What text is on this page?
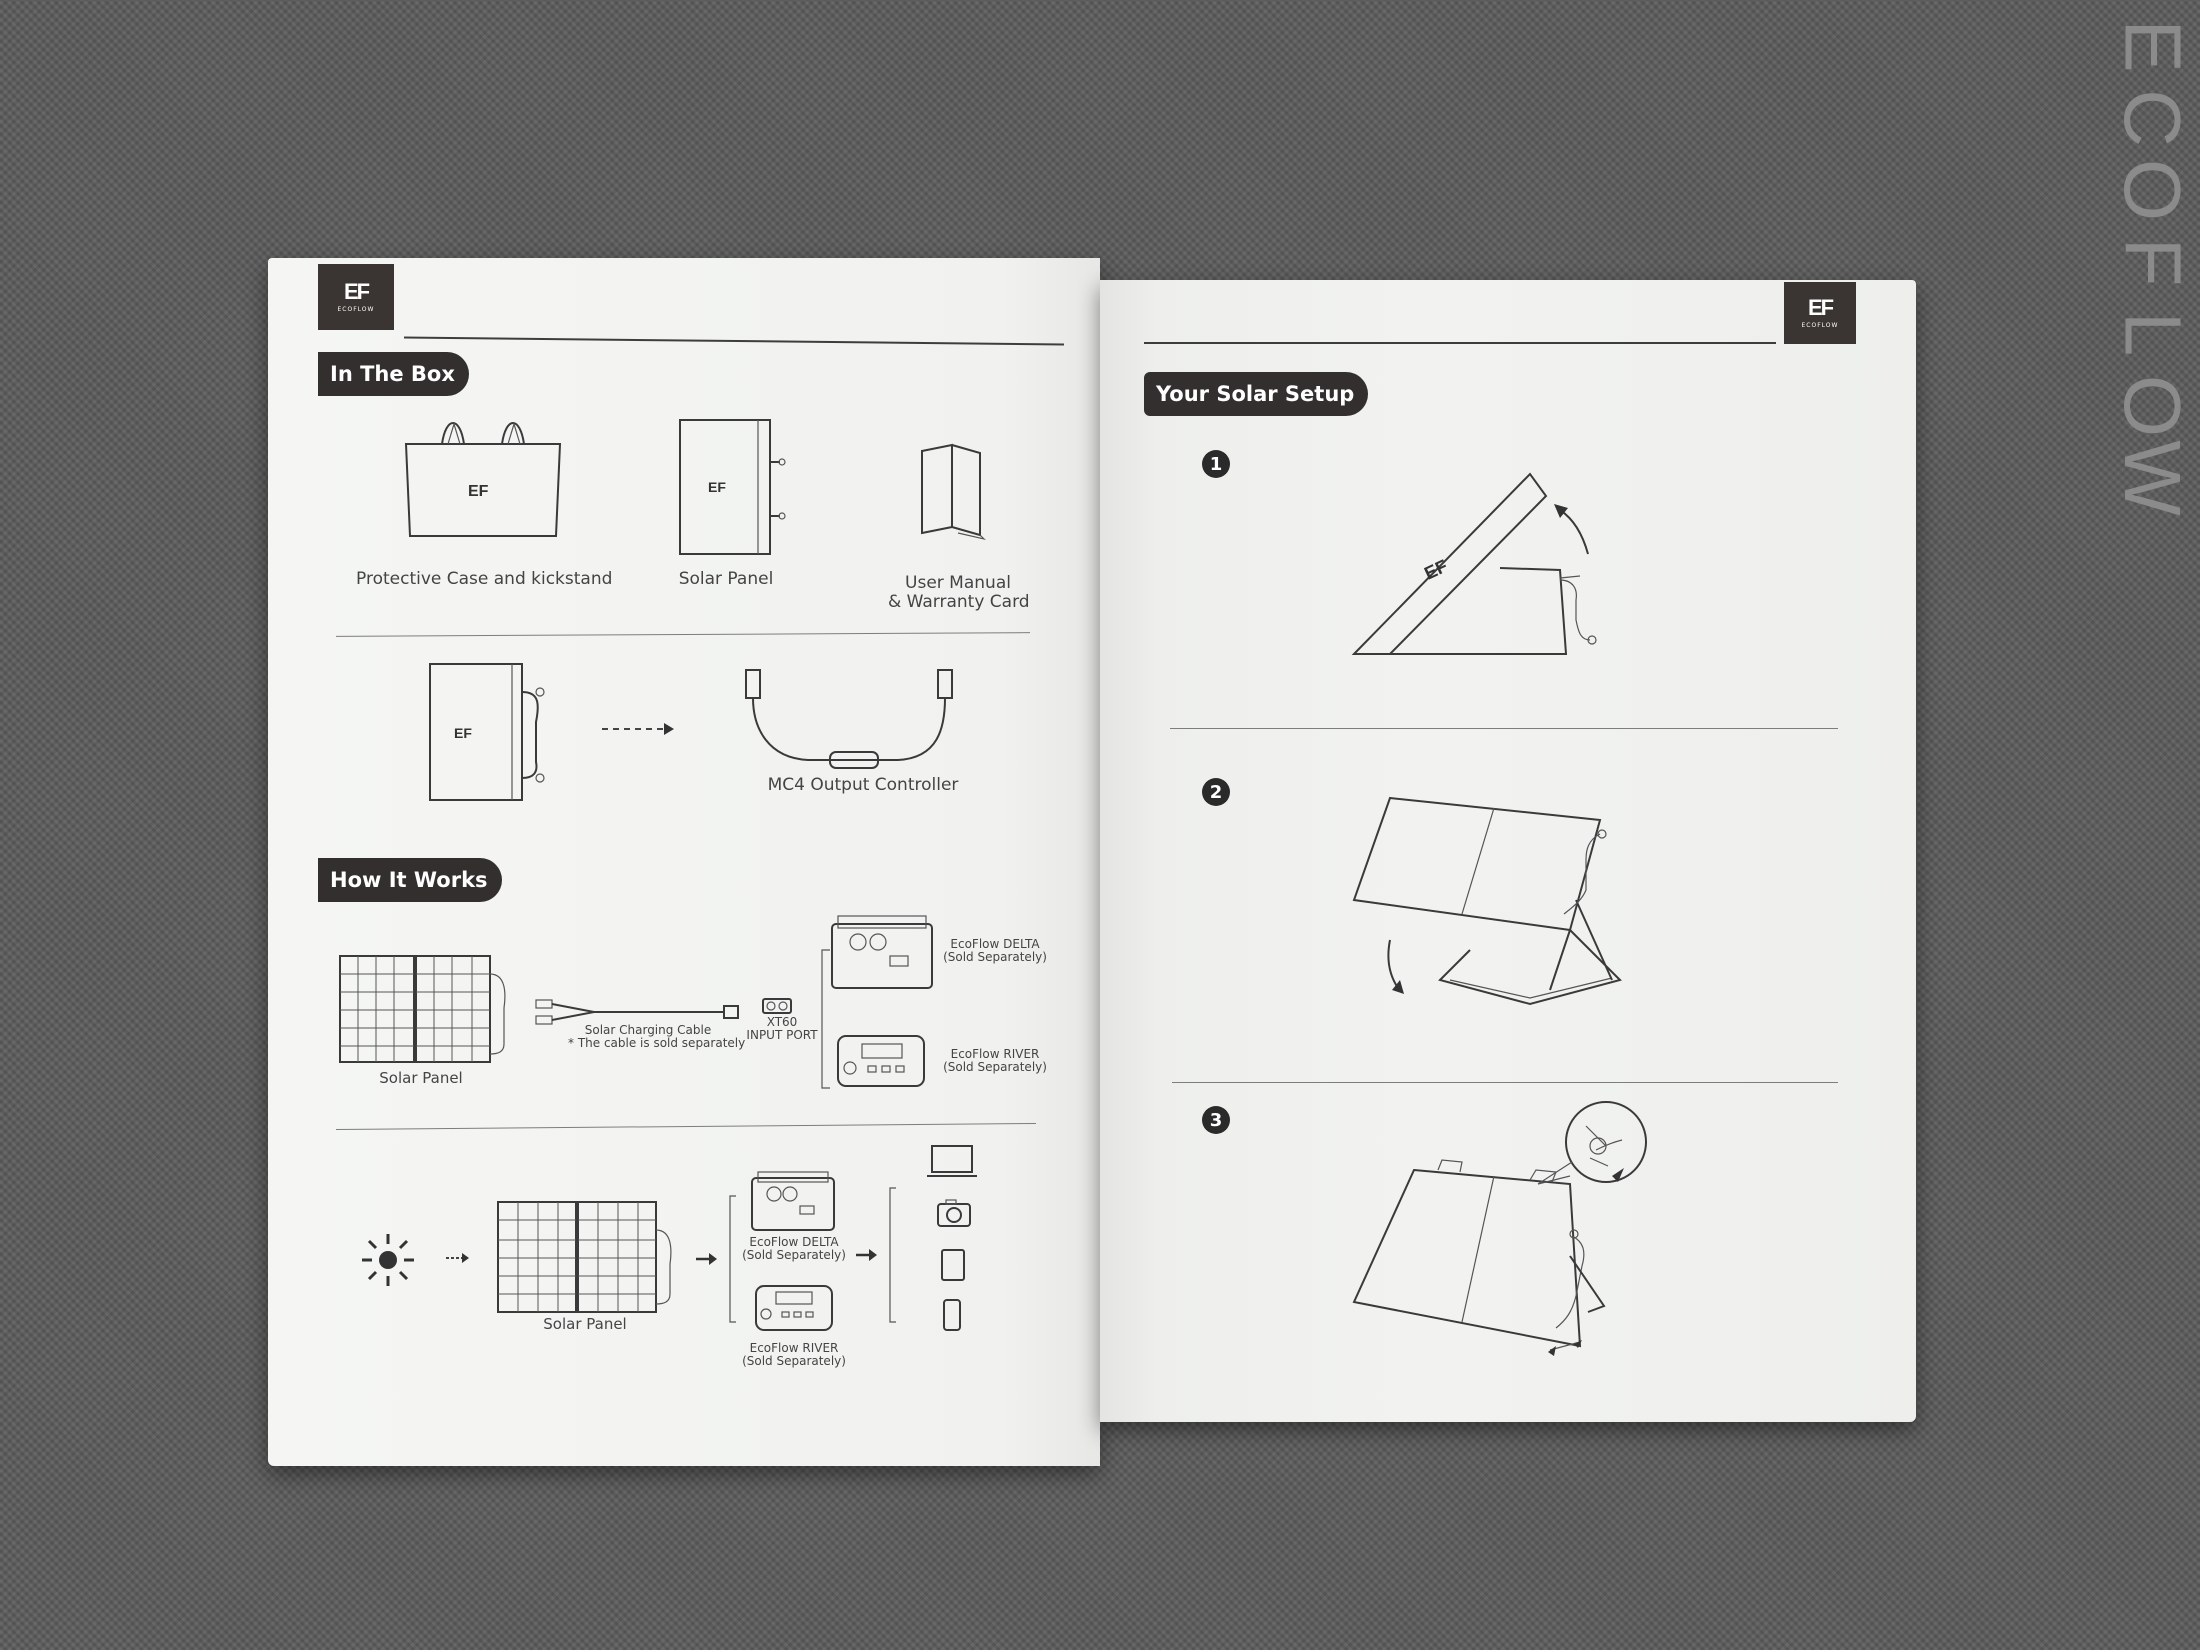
E
C
O
F
L
O
W
EF
ECOFLOW
In The Box
EF
Protective Case and kickstand
EF
Solar Panel	User Manual
& Warranty Card
EF
MC4 Output Controller
How It Works
Solar Panel
Solar Charging Cable
* The cable is sold separately
XT60
INPUT PORT
EcoFlow DELTA
(Sold Separately)
EcoFlow RIVER
(Sold Separately)
Solar Panel
EcoFlow DELTA
(Sold Separately)
EcoFlow RIVER
(Sold Separately)
EF
ECOFLOW
Your Solar Setup
1
EF
2
3
